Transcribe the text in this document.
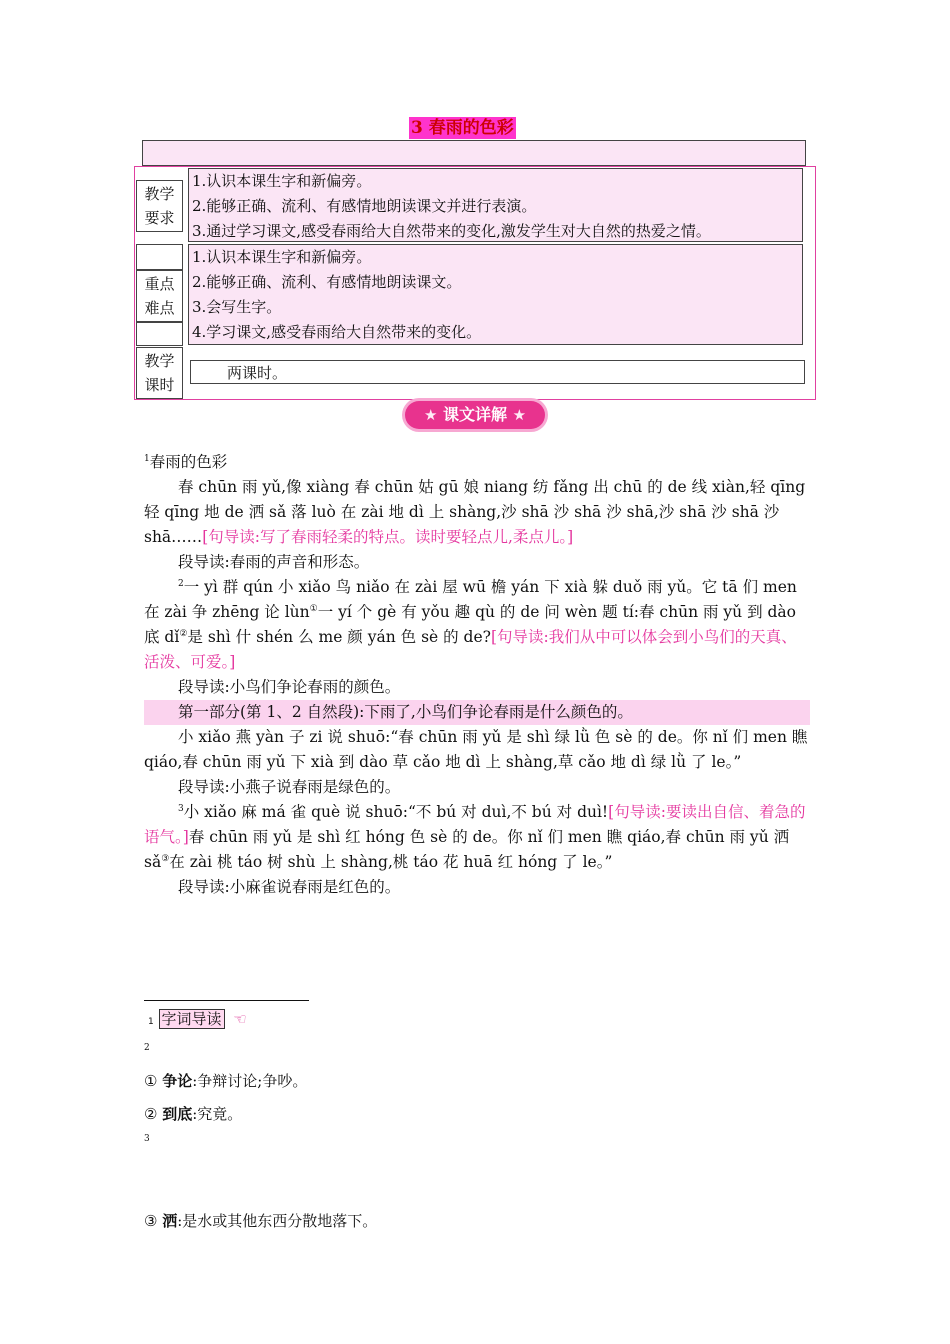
3 春雨的色彩
教学
要求
1.认识本课生字和新偏旁。
2.能够正确、流利、有感情地朗读课文并进行表演。
3.通过学习课文,感受春雨给大自然带来的变化,激发学生对大自然的热爱之情。
重点
难点
1.认识本课生字和新偏旁。
2.能够正确、流利、有感情地朗读课文。
3.会写生字。
4.学习课文,感受春雨给大自然带来的变化。
教学
课时
两课时。
★ 课文详解 ★

$^1$春雨的色彩

春 chūn 雨 yǔ,像 xiàng 春 chūn 姑 gū 娘 niang 纺 fǎng 出 chū 的 de 线 xiàn,轻 qīng 轻 qīng 地 de 洒 sǎ 落 luò 在 zài 地 dì 上 shàng,沙 shā 沙 shā 沙 shā,沙 shā 沙 shā 沙 shā……[句导读:写了春雨轻柔的特点。读时要轻点儿,柔点儿。]

段导读:春雨的声音和形态。

$^2$一 yì 群 qún 小 xiǎo 鸟 niǎo 在 zài 屋 wū 檐 yán 下 xià 躲 duǒ 雨 yǔ。它 tā 们 men 在 zài 争 zhēng 论 lùn①一 yí 个 gè 有 yǒu 趣 qù 的 de 问 wèn 题 tí:春 chūn 雨 yǔ 到 dào 底 dǐ②是 shì 什 shén 么 me 颜 yán 色 sè 的 de?[句导读:我们从中可以体会到小鸟们的天真、活泼、可爱。]

段导读:小鸟们争论春雨的颜色。

第一部分(第 1、2 自然段):下雨了,小鸟们争论春雨是什么颜色的。

小 xiǎo 燕 yàn 子 zi 说 shuō:“春 chūn 雨 yǔ 是 shì 绿 lǜ 色 sè 的 de。你 nǐ 们 men 瞧 qiáo,春 chūn 雨 yǔ 下 xià 到 dào 草 cǎo 地 dì 上 shàng,草 cǎo 地 dì 绿 lǜ 了 le。”

段导读:小燕子说春雨是绿色的。

$^3$小 xiǎo 麻 má 雀 què 说 shuō:“不 bú 对 duì,不 bú 对 duì![句导读:要读出自信、着急的语气。]春 chūn 雨 yǔ 是 shì 红 hóng 色 sè 的 de。你 nǐ 们 men 瞧 qiáo,春 chūn 雨 yǔ 洒 sǎ③在 zài 桃 táo 树 shù 上 shàng,桃 táo 花 huā 红 hóng 了 le。”

段导读:小麻雀说春雨是红色的。

1 字词导读 ☜
2
① 争论:争辩讨论;争吵。
② 到底:究竟。
3
③ 洒:是水或其他东西分散地落下。
